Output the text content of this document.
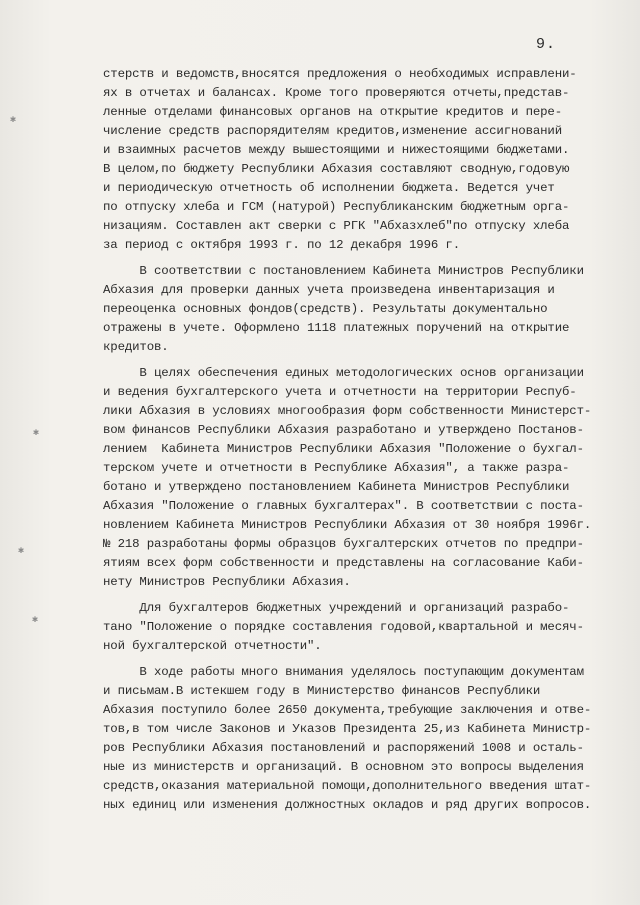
9.
✱
✱
✱
✱
стерств и ведомств,вносятся предложения о необходимых исправлени-
ях в отчетах и балансах. Кроме того проверяются отчеты,представ-
ленные отделами финансовых органов на открытие кредитов и пере-
числение средств распорядителям кредитов,изменение ассигнований
и взаимных расчетов между вышестоящими и нижестоящими бюджетами.
В целом,по бюджету Республики Абхазия составляют сводную,годовую
и периодическую отчетность об исполнении бюджета. Ведется учет
по отпуску хлеба и ГСМ (натурой) Республиканским бюджетным орга-
низациям. Составлен акт сверки с РГК "Абхазхлеб"по отпуску хлеба
за период с октября 1993 г. по 12 декабря 1996 г.
В соответствии с постановлением Кабинета Министров Республики
Абхазия для проверки данных учета произведена инвентаризация и
переоценка основных фондов(средств). Результаты документально
отражены в учете. Оформлено 1118 платежных поручений на открытие
кредитов.
В целях обеспечения единых методологических основ организации
и ведения бухгалтерского учета и отчетности на территории Респуб-
лики Абхазия в условиях многообразия форм собственности Министерст-
вом финансов Республики Абхазия разработано и утверждено Постанов-
лением  Кабинета Министров Республики Абхазия "Положение о бухгал-
терском учете и отчетности в Республике Абхазия", а также разра-
ботано и утверждено постановлением Кабинета Министров Республики
Абхазия "Положение о главных бухгалтерах". В соответствии с поста-
новлением Кабинета Министров Республики Абхазия от 30 ноября 1996г.
№ 218 разработаны формы образцов бухгалтерских отчетов по предпри-
ятиям всех форм собственности и представлены на согласование Каби-
нету Министров Республики Абхазия.
Для бухгалтеров бюджетных учреждений и организаций разрабо-
тано "Положение о порядке составления годовой,квартальной и месяч-
ной бухгалтерской отчетности".
В ходе работы много внимания уделялось поступающим документам
и письмам.В истекшем году в Министерство финансов Республики
Абхазия поступило более 2650 документа,требующие заключения и отве-
тов,в том числе Законов и Указов Президента 25,из Кабинета Министр-
ров Республики Абхазия постановлений и распоряжений 1008 и осталь-
ные из министерств и организаций. В основном это вопросы выделения
средств,оказания материальной помощи,дополнительного введения штат-
ных единиц или изменения должностных окладов и ряд других вопросов.
